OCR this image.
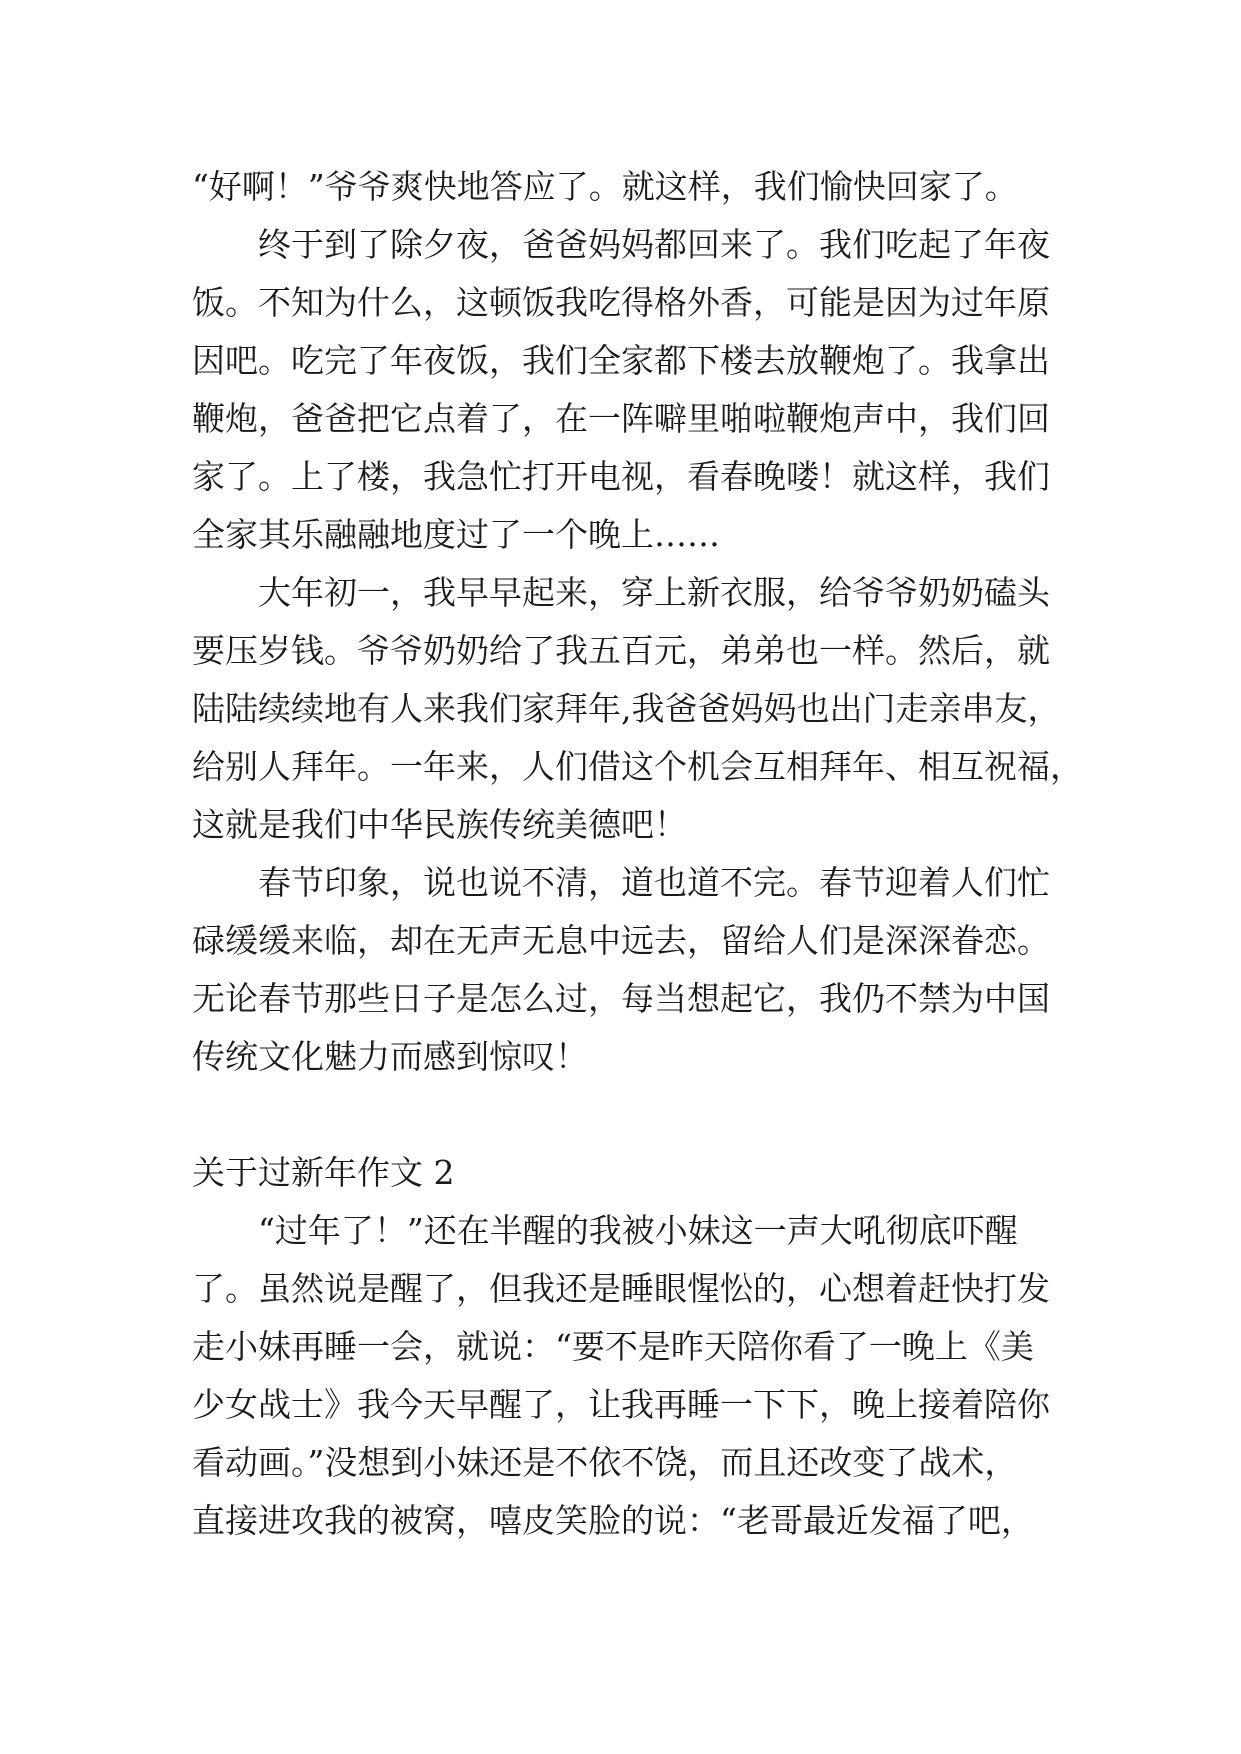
“好啊！”爷爷爽快地答应了。就这样，我们愉快回家了。
终于到了除夕夜，爸爸妈妈都回来了。我们吃起了年夜
饭。不知为什么，这顿饭我吃得格外香，可能是因为过年原
因吧。吃完了年夜饭，我们全家都下楼去放鞭炮了。我拿出
鞭炮，爸爸把它点着了，在一阵噼里啪啦鞭炮声中，我们回
家了。上了楼，我急忙打开电视，看春晚喽！就这样，我们
全家其乐融融地度过了一个晚上……
大年初一，我早早起来，穿上新衣服，给爷爷奶奶磕头
要压岁钱。爷爷奶奶给了我五百元，弟弟也一样。然后，就
陆陆续续地有人来我们家拜年,我爸爸妈妈也出门走亲串友，
给别人拜年。一年来，人们借这个机会互相拜年、相互祝福，
这就是我们中华民族传统美德吧！
春节印象，说也说不清，道也道不完。春节迎着人们忙
碌缓缓来临，却在无声无息中远去，留给人们是深深眷恋。
无论春节那些日子是怎么过，每当想起它，我仍不禁为中国
传统文化魅力而感到惊叹！
关于过新年作文 2
“过年了！”还在半醒的我被小妹这一声大吼彻底吓醒
了。虽然说是醒了，但我还是睡眼惺忪的，心想着赶快打发
走小妹再睡一会，就说：“要不是昨天陪你看了一晚上《美
少女战士》我今天早醒了，让我再睡一下下，晚上接着陪你
看动画。”没想到小妹还是不依不饶，而且还改变了战术，
直接进攻我的被窝，嘻皮笑脸的说：“老哥最近发福了吧，
